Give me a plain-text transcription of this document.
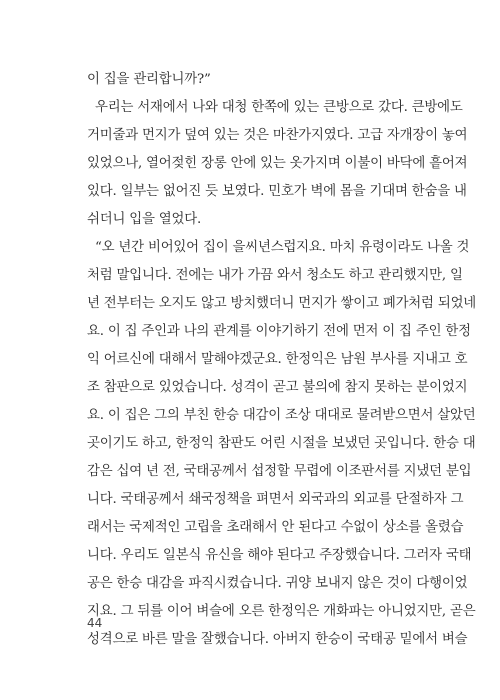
이 집을 관리합니까?”
우리는 서재에서 나와 대청 한쪽에 있는 큰방으로 갔다. 큰방에도
거미줄과 먼지가 덮여 있는 것은 마찬가지였다. 고급 자개장이 놓여
있었으나, 열어젖힌 장롱 안에 있는 옷가지며 이불이 바닥에 흩어져
있다. 일부는 없어진 듯 보였다. 민호가 벽에 몸을 기대며 한숨을 내
쉬더니 입을 열었다.
“오 년간 비어있어 집이 을씨년스럽지요. 마치 유령이라도 나올 것
처럼 말입니다. 전에는 내가 가끔 와서 청소도 하고 관리했지만, 일
년 전부터는 오지도 않고 방치했더니 먼지가 쌓이고 폐가처럼 되었네
요. 이 집 주인과 나의 관계를 이야기하기 전에 먼저 이 집 주인 한정
익 어르신에 대해서 말해야겠군요. 한정익은 남원 부사를 지내고 호
조 참판으로 있었습니다. 성격이 곧고 불의에 참지 못하는 분이었지
요. 이 집은 그의 부친 한승 대감이 조상 대대로 물려받으면서 살았던
곳이기도 하고, 한정익 참판도 어린 시절을 보냈던 곳입니다. 한승 대
감은 십여 년 전, 국태공께서 섭정할 무렵에 이조판서를 지냈던 분입
니다. 국태공께서 쇄국정책을 펴면서 외국과의 외교를 단절하자 그
래서는 국제적인 고립을 초래해서 안 된다고 수없이 상소를 올렸습
니다. 우리도 일본식 유신을 해야 된다고 주장했습니다. 그러자 국태
공은 한승 대감을 파직시켰습니다. 귀양 보내지 않은 것이 다행이었
지요. 그 뒤를 이어 벼슬에 오른 한정익은 개화파는 아니었지만, 곧은
성격으로 바른 말을 잘했습니다. 아버지 한승이 국태공 밑에서 벼슬
44
